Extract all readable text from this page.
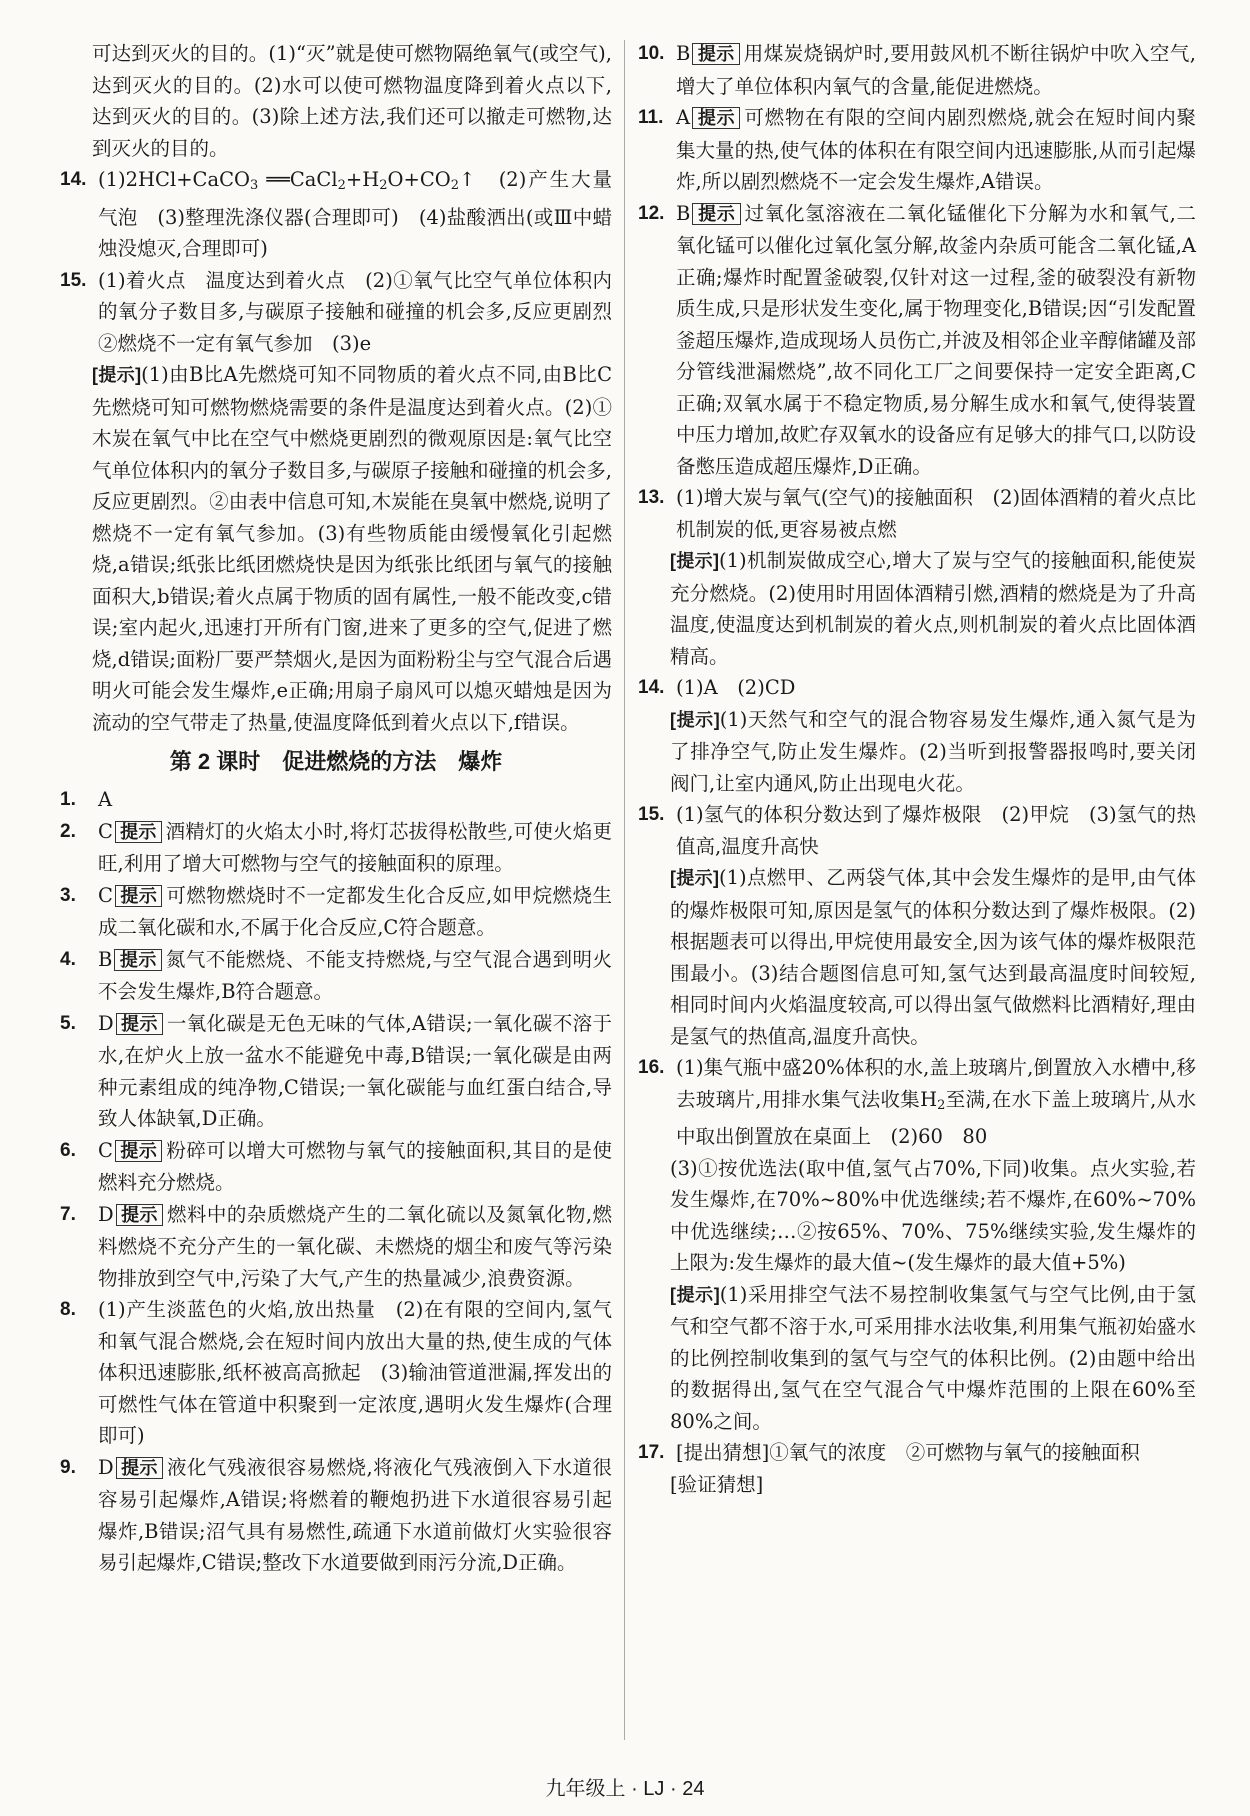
可达到灭火的目的。(1)“灭”就是使可燃物隔绝氧气(或空气),达到灭火的目的。(2)水可以使可燃物温度降到着火点以下,达到灭火的目的。(3)除上述方法,我们还可以撤走可燃物,达到灭火的目的。
14. (1)2HCl+CaCO$_3$ $══CaCl_2+H_2O+CO_2↑$　(2)产生大量气泡　(3)整理洗涤仪器(合理即可)　(4)盐酸洒出(或Ⅲ中蜡烛没熄灭,合理即可)
15. (1)着火点　温度达到着火点　(2)①氧气比空气单位体积内的氧分子数目多,与碳原子接触和碰撞的机会多,反应更剧烈　②燃烧不一定有氧气参加　(3)e
[提示](1)由B比A先燃烧可知不同物质的着火点不同,由B比C先燃烧可知可燃物燃烧需要的条件是温度达到着火点。(2)①木炭在氧气中比在空气中燃烧更剧烈的微观原因是:氧气比空气单位体积内的氧分子数目多,与碳原子接触和碰撞的机会多,反应更剧烈。②由表中信息可知,木炭能在臭氧中燃烧,说明了燃烧不一定有氧气参加。(3)有些物质能由缓慢氧化引起燃烧,a错误;纸张比纸团燃烧快是因为纸张比纸团与氧气的接触面积大,b错误;着火点属于物质的固有属性,一般不能改变,c错误;室内起火,迅速打开所有门窗,进来了更多的空气,促进了燃烧,d错误;面粉厂要严禁烟火,是因为面粉粉尘与空气混合后遇明火可能会发生爆炸,e正确;用扇子扇风可以熄灭蜡烛是因为流动的空气带走了热量,使温度降低到着火点以下,f错误。
第 2 课时　促进燃烧的方法　爆炸
1. A
2. C 提示 酒精灯的火焰太小时,将灯芯拔得松散些,可使火焰更旺,利用了增大可燃物与空气的接触面积的原理。
3. C 提示 可燃物燃烧时不一定都发生化合反应,如甲烷燃烧生成二氧化碳和水,不属于化合反应,C符合题意。
4. B 提示 氮气不能燃烧、不能支持燃烧,与空气混合遇到明火不会发生爆炸,B符合题意。
5. D 提示 一氧化碳是无色无味的气体,A错误;一氧化碳不溶于水,在炉火上放一盆水不能避免中毒,B错误;一氧化碳是由两种元素组成的纯净物,C错误;一氧化碳能与血红蛋白结合,导致人体缺氧,D正确。
6. C 提示 粉碎可以增大可燃物与氧气的接触面积,其目的是使燃料充分燃烧。
7. D 提示 燃料中的杂质燃烧产生的二氧化硫以及氮氧化物,燃料燃烧不充分产生的一氧化碳、未燃烧的烟尘和废气等污染物排放到空气中,污染了大气,产生的热量减少,浪费资源。
8. (1)产生淡蓝色的火焰,放出热量　(2)在有限的空间内,氢气和氧气混合燃烧,会在短时间内放出大量的热,使生成的气体体积迅速膨胀,纸杯被高高掀起　(3)输油管道泄漏,挥发出的可燃性气体在管道中积聚到一定浓度,遇明火发生爆炸(合理即可)
9. D 提示 液化气残液很容易燃烧,将液化气残液倒入下水道很容易引起爆炸,A错误;将燃着的鞭炮扔进下水道很容易引起爆炸,B错误;沼气具有易燃性,疏通下水道前做灯火实验很容易引起爆炸,C错误;整改下水道要做到雨污分流,D正确。
10. B 提示 用煤炭烧锅炉时,要用鼓风机不断往锅炉中吹入空气,增大了单位体积内氧气的含量,能促进燃烧。
11. A 提示 可燃物在有限的空间内剧烈燃烧,就会在短时间内聚集大量的热,使气体的体积在有限空间内迅速膨胀,从而引起爆炸,所以剧烈燃烧不一定会发生爆炸,A错误。
12. B 提示 过氧化氢溶液在二氧化锰催化下分解为水和氧气,二氧化锰可以催化过氧化氢分解,故釜内杂质可能含二氧化锰,A正确;爆炸时配置釜破裂,仅针对这一过程,釜的破裂没有新物质生成,只是形状发生变化,属于物理变化,B错误;因“引发配置釜超压爆炸,造成现场人员伤亡,并波及相邻企业辛醇储罐及部分管线泄漏燃烧”,故不同化工厂之间要保持一定安全距离,C正确;双氧水属于不稳定物质,易分解生成水和氧气,使得装置中压力增加,故贮存双氧水的设备应有足够大的排气口,以防设备憋压造成超压爆炸,D正确。
13. (1)增大炭与氧气(空气)的接触面积　(2)固体酒精的着火点比机制炭的低,更容易被点燃
[提示](1)机制炭做成空心,增大了炭与空气的接触面积,能使炭充分燃烧。(2)使用时用固体酒精引燃,酒精的燃烧是为了升高温度,使温度达到机制炭的着火点,则机制炭的着火点比固体酒精高。
14. (1)A　(2)CD
[提示](1)天然气和空气的混合物容易发生爆炸,通入氮气是为了排净空气,防止发生爆炸。(2)当听到报警器报鸣时,要关闭阀门,让室内通风,防止出现电火花。
15. (1)氢气的体积分数达到了爆炸极限　(2)甲烷　(3)氢气的热值高,温度升高快
[提示](1)点燃甲、乙两袋气体,其中会发生爆炸的是甲,由气体的爆炸极限可知,原因是氢气的体积分数达到了爆炸极限。(2)根据题表可以得出,甲烷使用最安全,因为该气体的爆炸极限范围最小。(3)结合题图信息可知,氢气达到最高温度时间较短,相同时间内火焰温度较高,可以得出氢气做燃料比酒精好,理由是氢气的热值高,温度升高快。
16. (1)集气瓶中盛20%体积的水,盖上玻璃片,倒置放入水槽中,移去玻璃片,用排水集气法收集$H_2$至满,在水下盖上玻璃片,从水中取出倒置放在桌面上　(2)60　80
(3)①按优选法(取中值,氢气占70%,下同)收集。点火实验,若发生爆炸,在70%~80%中优选继续;若不爆炸,在60%~70%中优选继续;…②按65%、70%、75%继续实验,发生爆炸的上限为:发生爆炸的最大值~(发生爆炸的最大值+5%)
[提示](1)采用排空气法不易控制收集氢气与空气比例,由于氢气和空气都不溶于水,可采用排水法收集,利用集气瓶初始盛水的比例控制收集到的氢气与空气的体积比例。(2)由题中给出的数据得出,氢气在空气混合气中爆炸范围的上限在60%至80%之间。
17. [提出猜想]①氧气的浓度　②可燃物与氧气的接触面积
[验证猜想]
九年级上 · LJ · 24
